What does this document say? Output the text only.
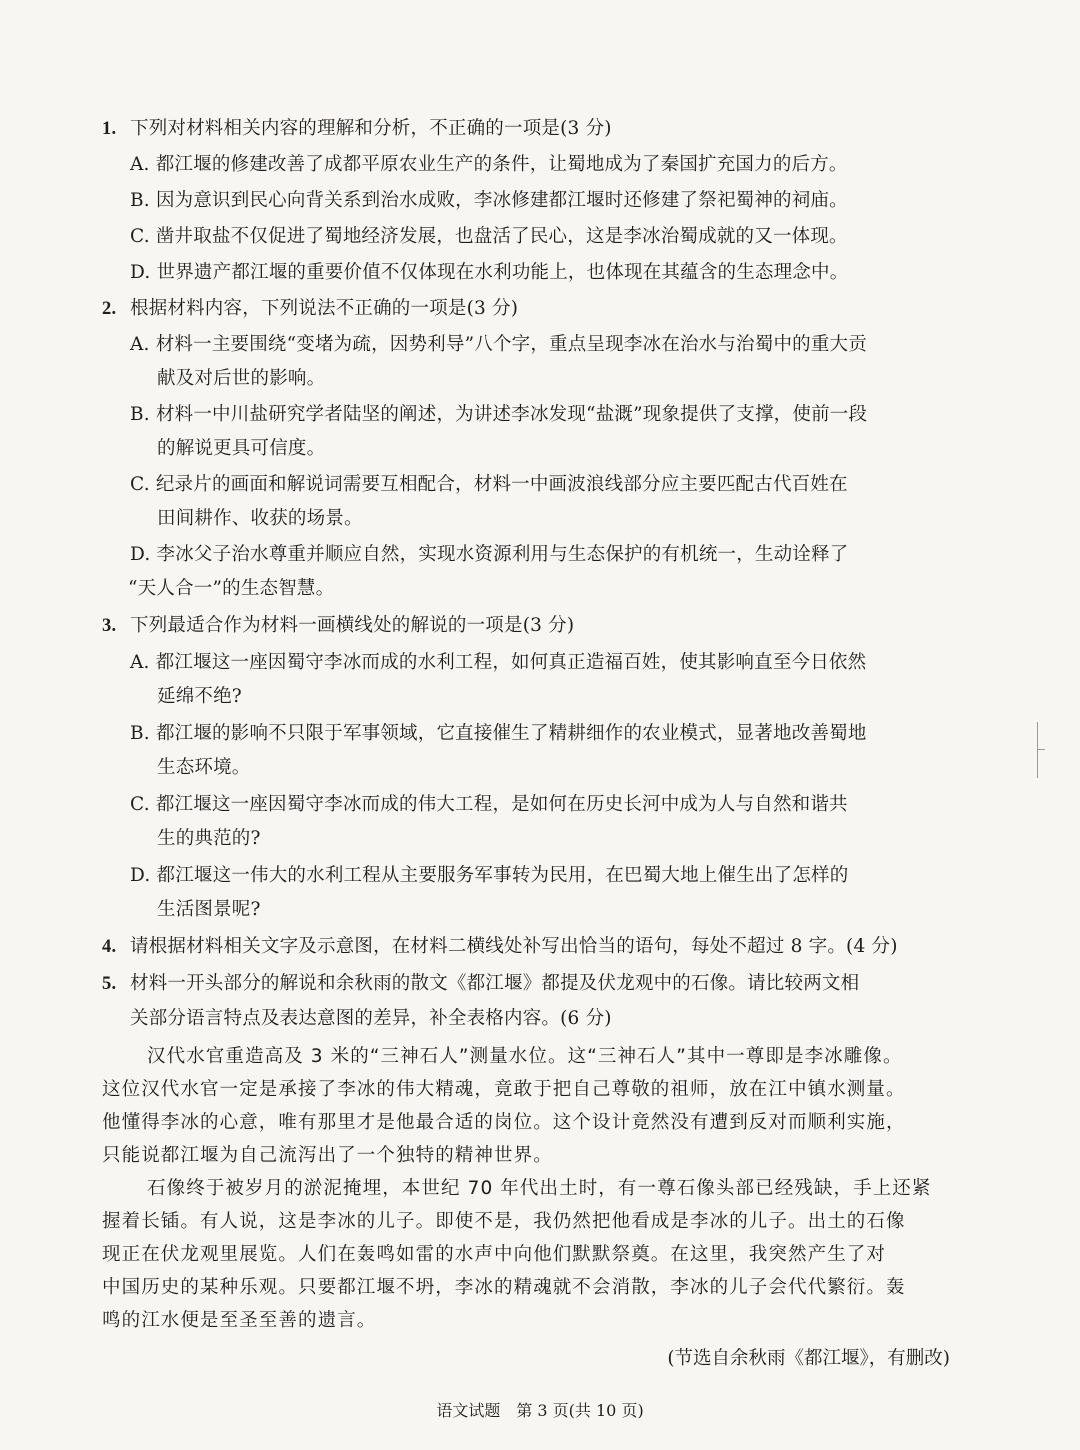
1. 下列对材料相关内容的理解和分析，不正确的一项是(3 分)
A. 都江堰的修建改善了成都平原农业生产的条件，让蜀地成为了秦国扩充国力的后方。
B. 因为意识到民心向背关系到治水成败，李冰修建都江堰时还修建了祭祀蜀神的祠庙。
C. 凿井取盐不仅促进了蜀地经济发展，也盘活了民心，这是李冰治蜀成就的又一体现。
D. 世界遗产都江堰的重要价值不仅体现在水利功能上，也体现在其蕴含的生态理念中。
2. 根据材料内容，下列说法不正确的一项是(3 分)
A. 材料一主要围绕“变堵为疏，因势利导”八个字，重点呈现李冰在治水与治蜀中的重大贡
献及对后世的影响。
B. 材料一中川盐研究学者陆坚的阐述，为讲述李冰发现“盐溉”现象提供了支撑，使前一段
的解说更具可信度。
C. 纪录片的画面和解说词需要互相配合，材料一中画波浪线部分应主要匹配古代百姓在
田间耕作、收获的场景。
D. 李冰父子治水尊重并顺应自然，实现水资源利用与生态保护的有机统一，生动诠释了
“天人合一”的生态智慧。
3. 下列最适合作为材料一画横线处的解说的一项是(3 分)
A. 都江堰这一座因蜀守李冰而成的水利工程，如何真正造福百姓，使其影响直至今日依然
延绵不绝?
B. 都江堰的影响不只限于军事领域，它直接催生了精耕细作的农业模式，显著地改善蜀地
生态环境。
C. 都江堰这一座因蜀守李冰而成的伟大工程，是如何在历史长河中成为人与自然和谐共
生的典范的?
D. 都江堰这一伟大的水利工程从主要服务军事转为民用，在巴蜀大地上催生出了怎样的
生活图景呢?
4. 请根据材料相关文字及示意图，在材料二横线处补写出恰当的语句，每处不超过 8 字。(4 分)
5. 材料一开头部分的解说和余秋雨的散文《都江堰》都提及伏龙观中的石像。请比较两文相
关部分语言特点及表达意图的差异，补全表格内容。(6 分)
汉代水官重造高及 3 米的“三神石人”测量水位。这“三神石人”其中一尊即是李冰雕像。
这位汉代水官一定是承接了李冰的伟大精魂，竟敢于把自己尊敬的祖师，放在江中镇水测量。
他懂得李冰的心意，唯有那里才是他最合适的岗位。这个设计竟然没有遭到反对而顺利实施，
只能说都江堰为自己流泻出了一个独特的精神世界。
石像终于被岁月的淤泥掩埋，本世纪 70 年代出土时，有一尊石像头部已经残缺，手上还紧
握着长锸。有人说，这是李冰的儿子。即使不是，我仍然把他看成是李冰的儿子。出土的石像
现正在伏龙观里展览。人们在轰鸣如雷的水声中向他们默默祭奠。在这里，我突然产生了对
中国历史的某种乐观。只要都江堰不坍，李冰的精魂就不会消散，李冰的儿子会代代繁衍。轰
鸣的江水便是至圣至善的遗言。
(节选自余秋雨《都江堰》，有删改)
语文试题　第 3 页(共 10 页)
